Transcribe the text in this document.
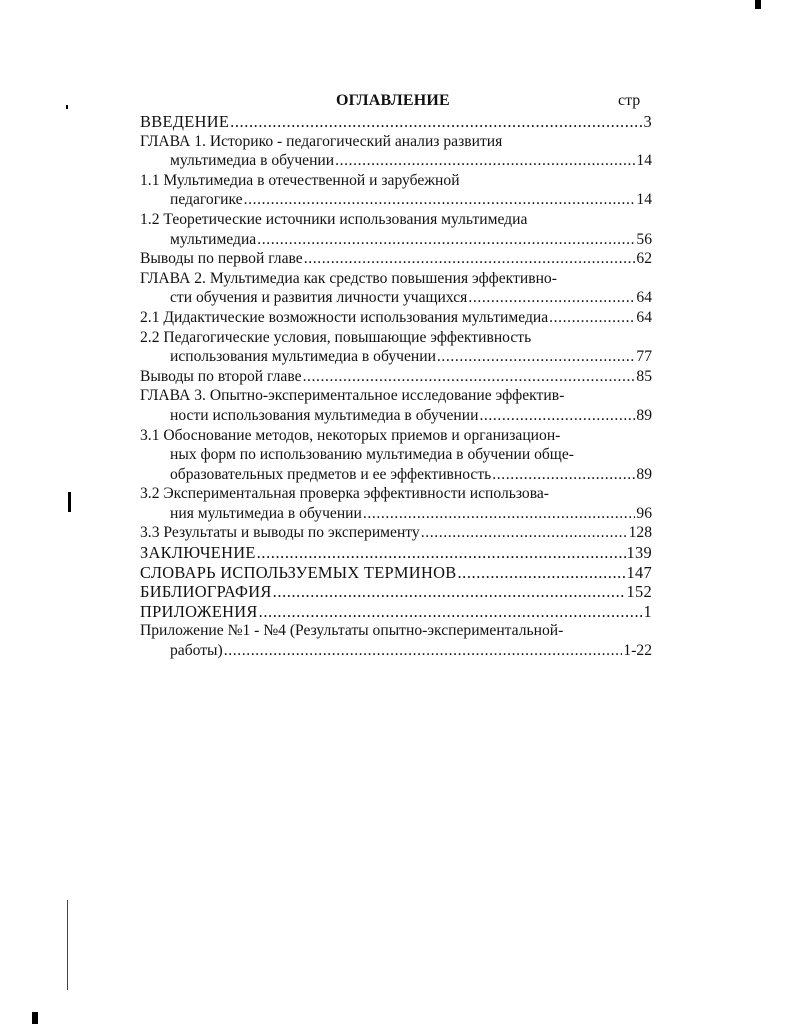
ОГЛАВЛЕНИЕ	стр
ВВЕДЕНИЕ .....	3
ГЛАВА 1. Историко - педагогический анализ развития
мультимедиа в обучении .....	14
1.1 Мультимедиа в отечественной и зарубежной
педагогике .....	14
1.2 Теоретические источники использования мультимедиа
мультимедиа .....	56
Выводы по первой главе .....	62
ГЛАВА 2. Мультимедиа как средство повышения эффективно-
сти обучения и развития личности учащихся .....	64
2.1 Дидактические возможности использования мультимедиа .....	64
2.2 Педагогические условия, повышающие эффективность
использования мультимедиа в обучении .....	77
Выводы по второй главе .....	85
ГЛАВА 3. Опытно-экспериментальное исследование эффектив-
ности использования мультимедиа в обучении .....	89
3.1 Обоснование методов, некоторых приемов и организацион-
ных форм по использованию мультимедиа в обучении обще-
образовательных предметов и ее эффективность .....	89
3.2 Экспериментальная проверка эффективности использова-
ния мультимедиа в обучении .....	96
3.3 Результаты и выводы по эксперименту .....	128
ЗАКЛЮЧЕНИЕ .....	139
СЛОВАРЬ ИСПОЛЬЗУЕМЫХ ТЕРМИНОВ .....	147
БИБЛИОГРАФИЯ .....	152
ПРИЛОЖЕНИЯ .....	1
Приложение №1 - №4 (Результаты опытно-экспериментальной-
работы) .....	1-22
